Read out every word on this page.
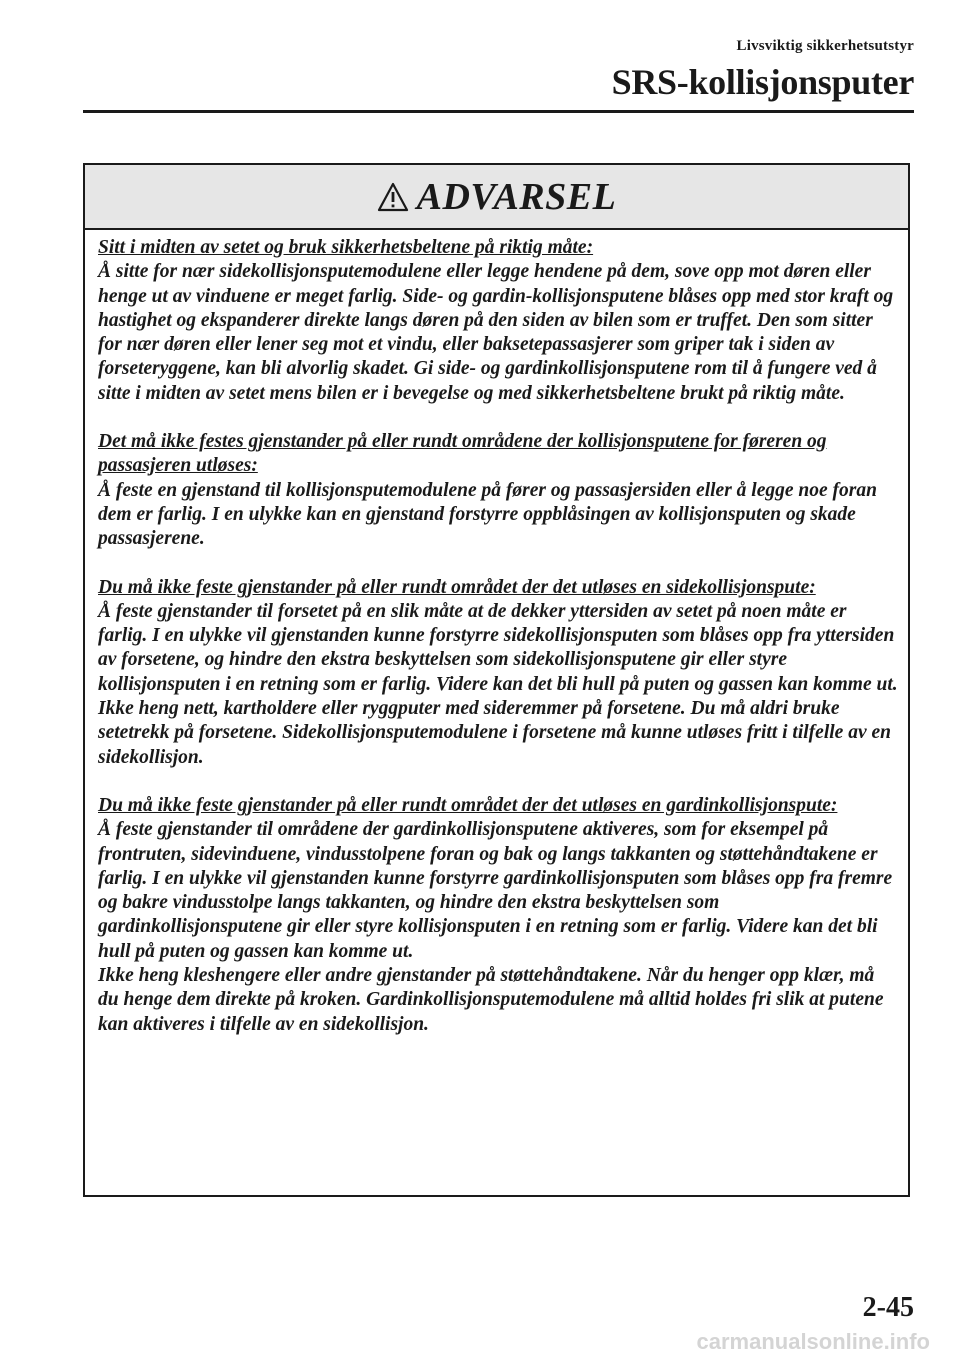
Livsviktig sikkerhetsutstyr
SRS-kollisjonsputer
ADVARSEL

Sitt i midten av setet og bruk sikkerhetsbeltene på riktig måte:

Å sitte for nær sidekollisjonsputemodulene eller legge hendene på dem, sove opp mot døren eller henge ut av vinduene er meget farlig. Side- og gardin-kollisjonsputene blåses opp med stor kraft og hastighet og ekspanderer direkte langs døren på den siden av bilen som er truffet. Den som sitter for nær døren eller lener seg mot et vindu, eller baksetepassasjerer som griper tak i siden av forseteryggene, kan bli alvorlig skadet. Gi side- og gardinkollisjonsputene rom til å fungere ved å sitte i midten av setet mens bilen er i bevegelse og med sikkerhetsbeltene brukt på riktig måte.

Det må ikke festes gjenstander på eller rundt områdene der kollisjonsputene for føreren og passasjeren utløses:

Å feste en gjenstand til kollisjonsputemodulene på fører og passasjersiden eller å legge noe foran dem er farlig. I en ulykke kan en gjenstand forstyrre oppblåsingen av kollisjonsputen og skade passasjerene.

Du må ikke feste gjenstander på eller rundt området der det utløses en sidekollisjonspute:

Å feste gjenstander til forsetet på en slik måte at de dekker yttersiden av setet på noen måte er farlig. I en ulykke vil gjenstanden kunne forstyrre sidekollisjonsputen som blåses opp fra yttersiden av forsetene, og hindre den ekstra beskyttelsen som sidekollisjonsputene gir eller styre kollisjonsputen i en retning som er farlig. Videre kan det bli hull på puten og gassen kan komme ut.

Ikke heng nett, kartholdere eller ryggputer med sideremmer på forsetene. Du må aldri bruke setetrekk på forsetene. Sidekollisjonsputemodulene i forsetene må kunne utløses fritt i tilfelle av en sidekollisjon.

Du må ikke feste gjenstander på eller rundt området der det utløses en gardinkollisjonspute:

Å feste gjenstander til områdene der gardinkollisjonsputene aktiveres, som for eksempel på frontruten, sidevinduene, vindusstolpene foran og bak og langs takkanten og støttehåndtakene er farlig. I en ulykke vil gjenstanden kunne forstyrre gardinkollisjonsputen som blåses opp fra fremre og bakre vindusstolpe langs takkanten, og hindre den ekstra beskyttelsen som gardinkollisjonsputene gir eller styre kollisjonsputen i en retning som er farlig. Videre kan det bli hull på puten og gassen kan komme ut.

Ikke heng kleshengere eller andre gjenstander på støttehåndtakene. Når du henger opp klær, må du henge dem direkte på kroken. Gardinkollisjonsputemodulene må alltid holdes fri slik at putene kan aktiveres i tilfelle av en sidekollisjon.

2-45
carmanualsonline.info
